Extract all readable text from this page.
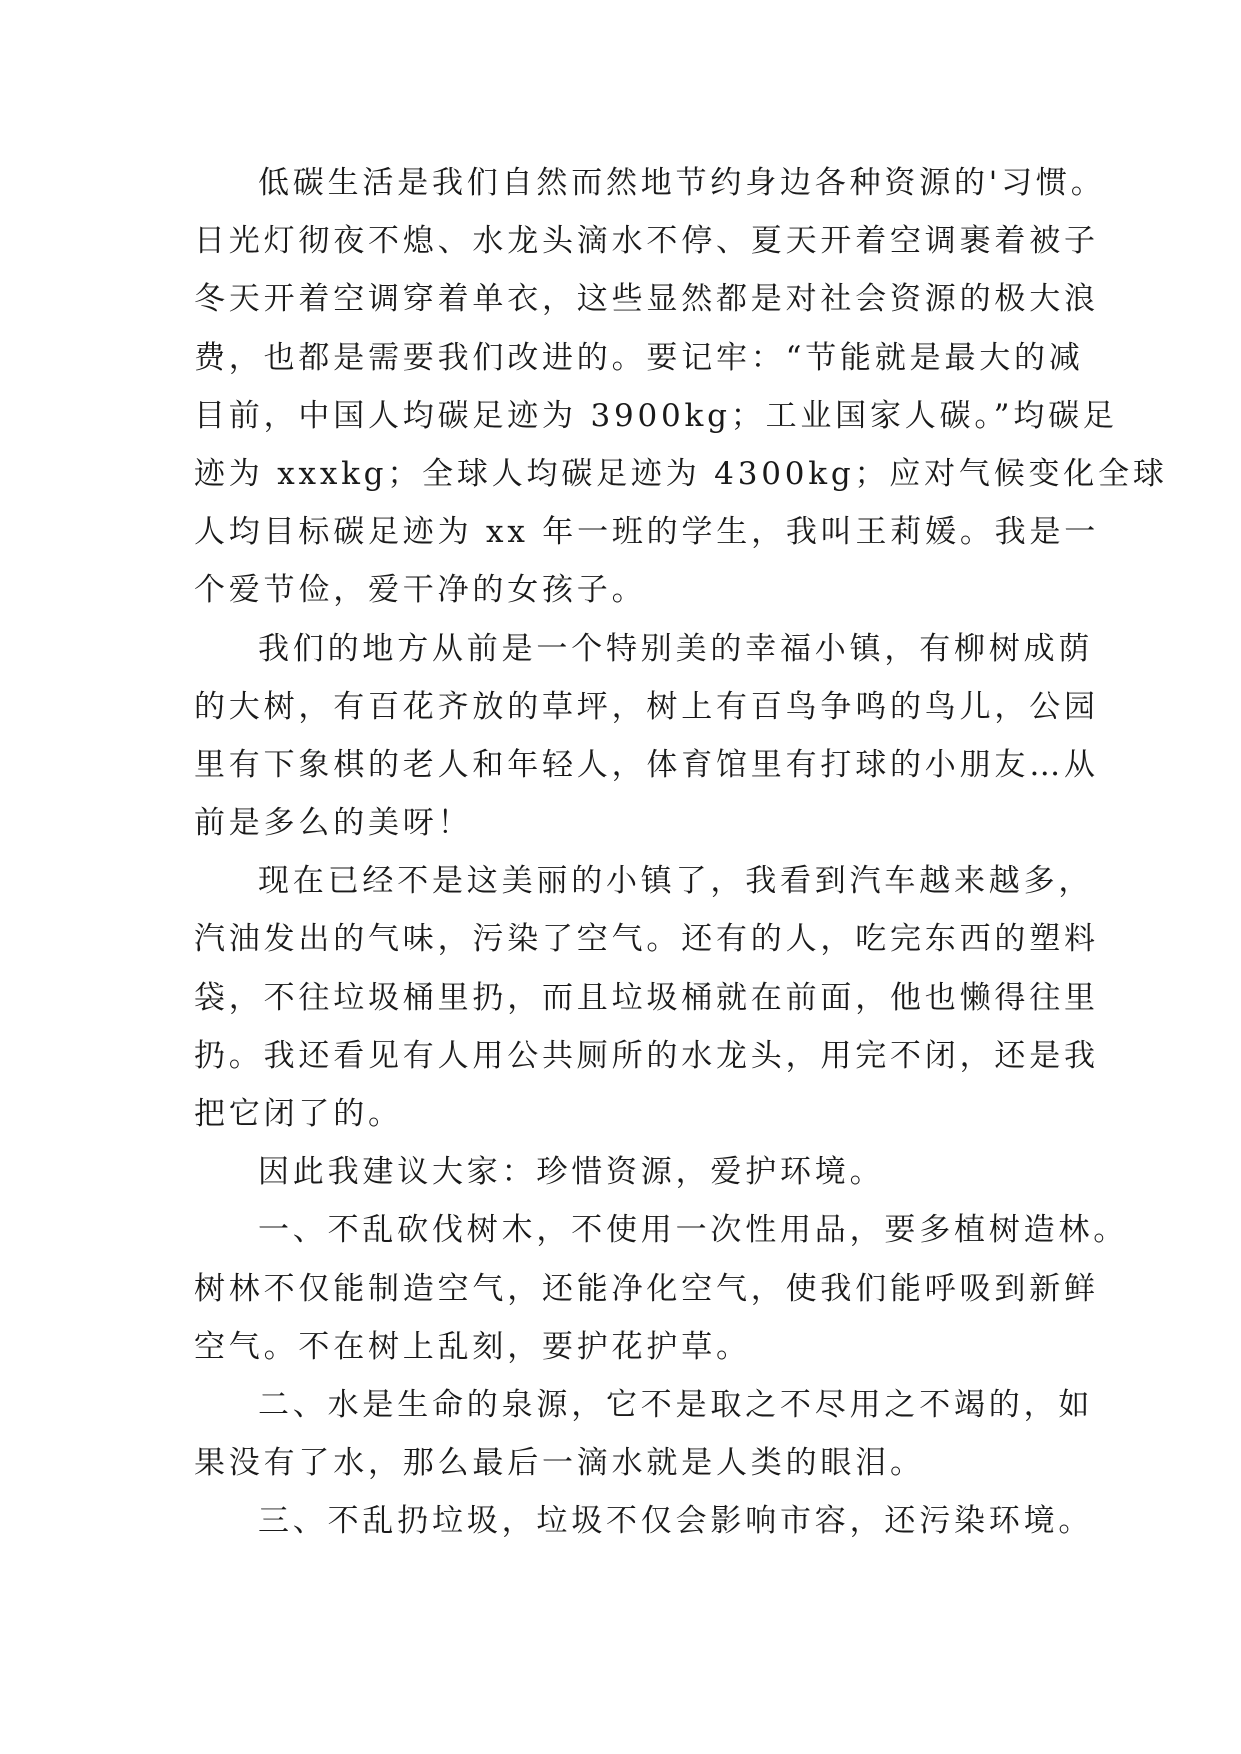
低碳生活是我们自然而然地节约身边各种资源的'习惯。
日光灯彻夜不熄、水龙头滴水不停、夏天开着空调裹着被子
冬天开着空调穿着单衣，这些显然都是对社会资源的极大浪
费，也都是需要我们改进的。要记牢：“节能就是最大的减
目前，中国人均碳足迹为 3900kg；工业国家人碳。”均碳足
迹为 xxxkg；全球人均碳足迹为 4300kg；应对气候变化全球
人均目标碳足迹为 xx 年一班的学生，我叫王莉媛。我是一
个爱节俭，爱干净的女孩子。
我们的地方从前是一个特别美的幸福小镇，有柳树成荫
的大树，有百花齐放的草坪，树上有百鸟争鸣的鸟儿，公园
里有下象棋的老人和年轻人，体育馆里有打球的小朋友…从
前是多么的美呀！
现在已经不是这美丽的小镇了，我看到汽车越来越多，
汽油发出的气味，污染了空气。还有的人，吃完东西的塑料
袋，不往垃圾桶里扔，而且垃圾桶就在前面，他也懒得往里
扔。我还看见有人用公共厕所的水龙头，用完不闭，还是我
把它闭了的。
因此我建议大家：珍惜资源，爱护环境。
一、不乱砍伐树木，不使用一次性用品，要多植树造林。
树林不仅能制造空气，还能净化空气，使我们能呼吸到新鲜
空气。不在树上乱刻，要护花护草。
二、水是生命的泉源，它不是取之不尽用之不竭的，如
果没有了水，那么最后一滴水就是人类的眼泪。
三、不乱扔垃圾，垃圾不仅会影响市容，还污染环境。
